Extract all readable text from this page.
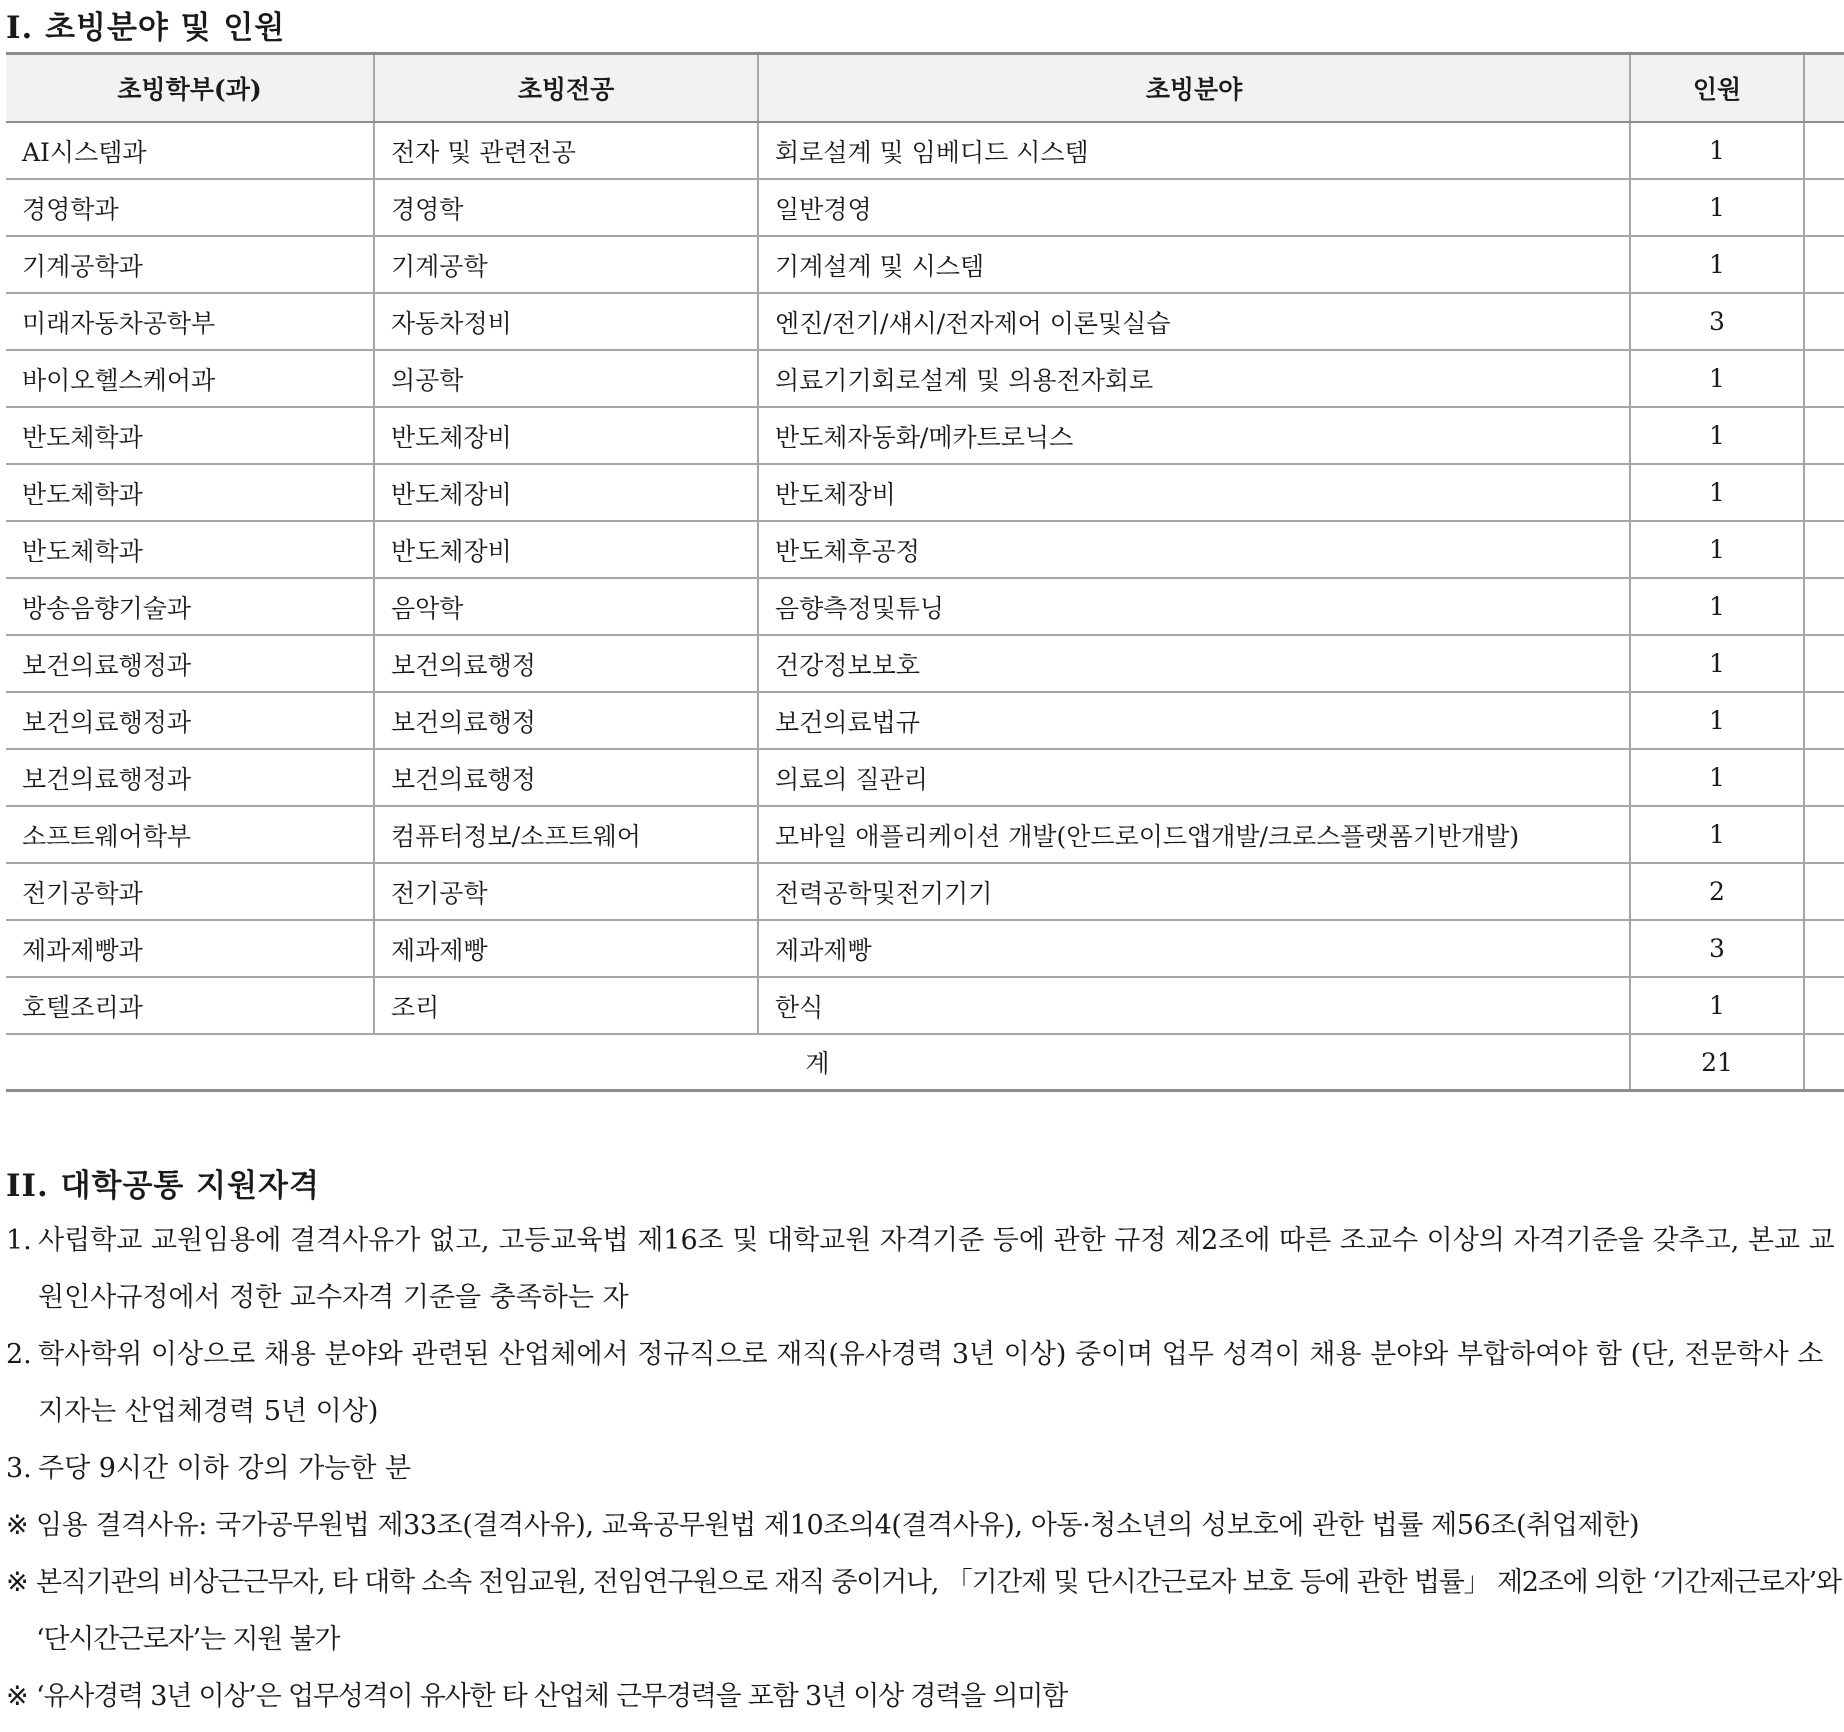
I. 초빙분야 및 인원
초빙학부(과)	초빙전공	초빙분야	인원	
AI시스템과	전자 및 관련전공	회로설계 및 임베디드 시스템	1	
경영학과	경영학	일반경영	1	
기계공학과	기계공학	기계설계 및 시스템	1	
미래자동차공학부	자동차정비	엔진/전기/섀시/전자제어 이론및실습	3	
바이오헬스케어과	의공학	의료기기회로설계 및 의용전자회로	1	
반도체학과	반도체장비	반도체자동화/메카트로닉스	1	
반도체학과	반도체장비	반도체장비	1	
반도체학과	반도체장비	반도체후공정	1	
방송음향기술과	음악학	음향측정및튜닝	1	
보건의료행정과	보건의료행정	건강정보보호	1	
보건의료행정과	보건의료행정	보건의료법규	1	
보건의료행정과	보건의료행정	의료의 질관리	1	
소프트웨어학부	컴퓨터정보/소프트웨어	모바일 애플리케이션 개발(안드로이드앱개발/크로스플랫폼기반개발)	1	
전기공학과	전기공학	전력공학및전기기기	2	
제과제빵과	제과제빵	제과제빵	3	
호텔조리과	조리	한식	1	
계			21	
II. 대학공통 지원자격
1. 사립학교 교원임용에 결격사유가 없고, 고등교육법 제16조 및 대학교원 자격기준 등에 관한 규정 제2조에 따른 조교수 이상의 자격기준을 갖추고, 본교 교원인사규정에서 정한 교수자격 기준을 충족하는 자
2. 학사학위 이상으로 채용 분야와 관련된 산업체에서 정규직으로 재직(유사경력 3년 이상) 중이며 업무 성격이 채용 분야와 부합하여야 함 (단, 전문학사 소지자는 산업체경력 5년 이상)
3. 주당 9시간 이하 강의 가능한 분
※ 임용 결격사유: 국가공무원법 제33조(결격사유), 교육공무원법 제10조의4(결격사유), 아동·청소년의 성보호에 관한 법률 제56조(취업제한)
※ 본직기관의 비상근근무자, 타 대학 소속 전임교원, 전임연구원으로 재직 중이거나, 「기간제 및 단시간근로자 보호 등에 관한 법률」 제2조에 의한 ‘기간제근로자’와 ‘단시간근로자’는 지원 불가
※ ‘유사경력 3년 이상’은 업무성격이 유사한 타 산업체 근무경력을 포함 3년 이상 경력을 의미함
